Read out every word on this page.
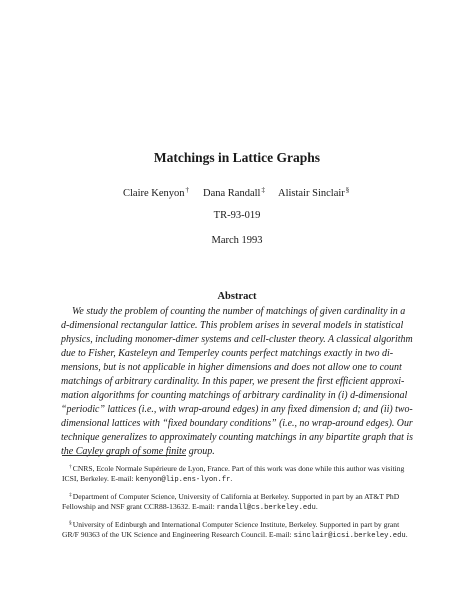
Matchings in Lattice Graphs
Claire Kenyon† Dana Randall‡ Alistair Sinclair§
TR-93-019
March 1993
Abstract
We study the problem of counting the number of matchings of given cardinality in a
d-dimensional rectangular lattice. This problem arises in several models in statistical
physics, including monomer-dimer systems and cell-cluster theory. A classical algorithm
due to Fisher, Kasteleyn and Temperley counts perfect matchings exactly in two di-
mensions, but is not applicable in higher dimensions and does not allow one to count
matchings of arbitrary cardinality. In this paper, we present the first efficient approxi-
mation algorithms for counting matchings of arbitrary cardinality in (i) d-dimensional
“periodic” lattices (i.e., with wrap-around edges) in any fixed dimension d; and (ii) two-
dimensional lattices with “fixed boundary conditions” (i.e., no wrap-around edges). Our
technique generalizes to approximately counting matchings in any bipartite graph that is
the Cayley graph of some finite group.
†CNRS, Ecole Normale Supérieure de Lyon, France. Part of this work was done while this author was visiting
ICSI, Berkeley. E-mail: kenyon@lip.ens-lyon.fr.
‡Department of Computer Science, University of California at Berkeley. Supported in part by an AT&T PhD
Fellowship and NSF grant CCR88-13632. E-mail: randall@cs.berkeley.edu.
§University of Edinburgh and International Computer Science Institute, Berkeley. Supported in part by grant
GR/F 90363 of the UK Science and Engineering Research Council. E-mail: sinclair@icsi.berkeley.edu.
